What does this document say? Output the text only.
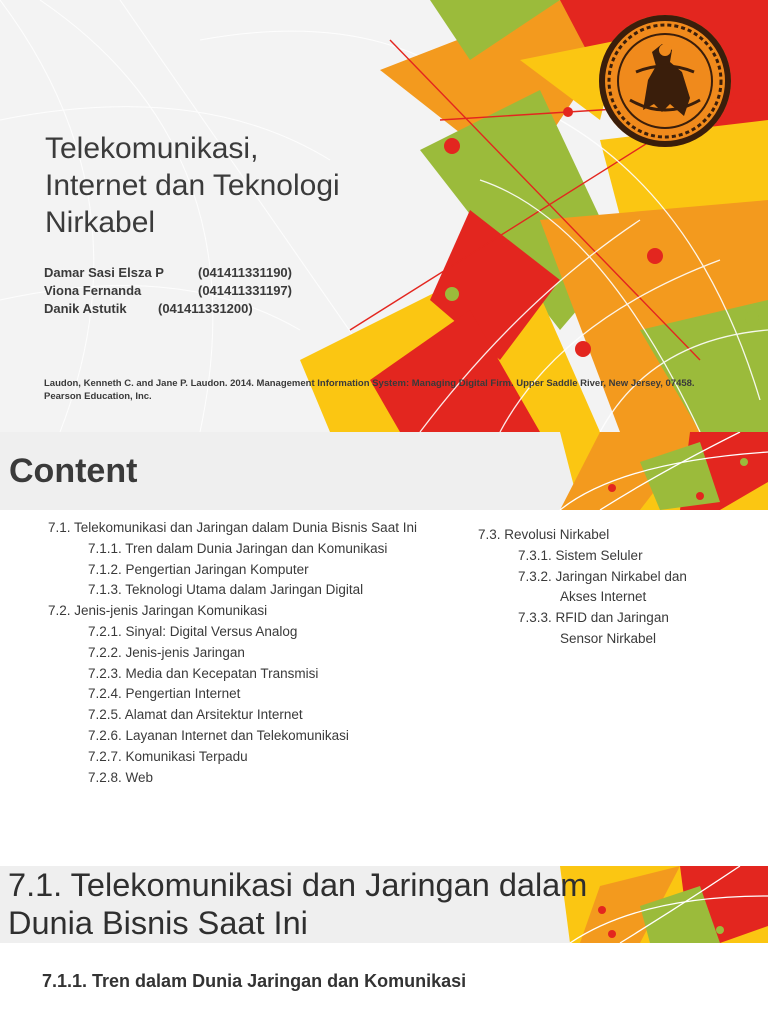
Telekomunikasi,
Internet dan Teknologi
Nirkabel
Damar Sasi Elsza P	(041411331190)
Viona Fernanda	(041411331197)
Danik Astutik (041411331200)
Laudon, Kenneth C. and Jane P. Laudon. 2014. Management Information System: Managing Digital Firm. Upper Saddle River, New Jersey, 07458. Pearson Education, Inc.
Content
7.1. Telekomunikasi dan Jaringan dalam Dunia Bisnis Saat Ini
7.1.1. Tren dalam Dunia Jaringan dan Komunikasi
7.1.2. Pengertian Jaringan Komputer
7.1.3. Teknologi Utama dalam Jaringan Digital
7.2. Jenis-jenis Jaringan Komunikasi
7.2.1. Sinyal: Digital Versus Analog
7.2.2. Jenis-jenis Jaringan
7.2.3. Media dan Kecepatan Transmisi
7.2.4. Pengertian Internet
7.2.5. Alamat dan Arsitektur Internet
7.2.6. Layanan Internet dan Telekomunikasi
7.2.7. Komunikasi Terpadu
7.2.8. Web
7.3. Revolusi Nirkabel
7.3.1. Sistem Seluler
7.3.2. Jaringan Nirkabel dan
Akses Internet
7.3.3. RFID dan Jaringan
Sensor Nirkabel
7.1. Telekomunikasi dan Jaringan dalam
Dunia Bisnis Saat Ini
7.1.1. Tren dalam Dunia Jaringan dan Komunikasi
